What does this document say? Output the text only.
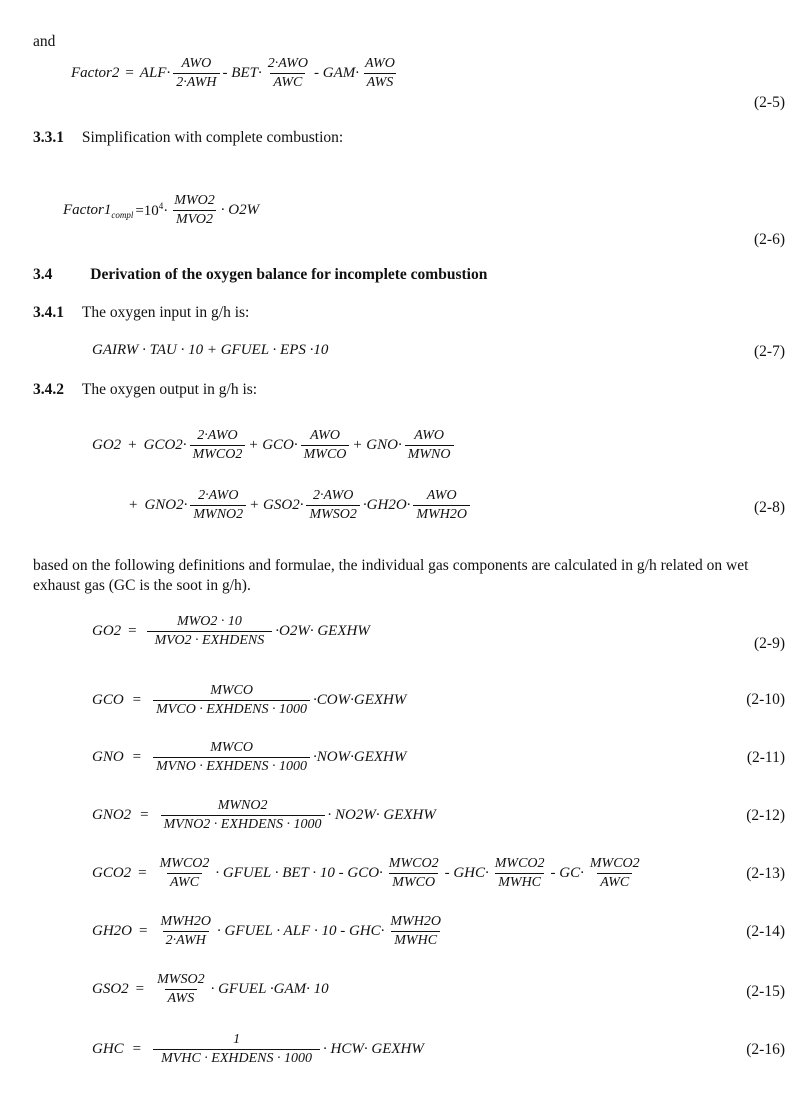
and
Factor2 = $ALF\cdot \frac{\text{AWO}}{\text{2·AWH}} - BET\cdot \frac{\text{2·AWO}}{\text{AWC}} - GAM\cdot \frac{\text{AWO}}{\text{AWS}}$
(2-5)
3.3.1 Simplification with complete combustion:
$Factor1_{compl} =10^4\cdot \frac{\text{MWO2}}{\text{MVO2}} \cdot O2W$
(2-6)
3.4 Derivation of the oxygen balance for incomplete combustion
3.4.1 The oxygen input in g/h is:
GAIRW · TAU · 10 + GFUEL · EPS ·10	(2-7)
3.4.2 The oxygen output in g/h is:
$GO2 + GCO2\cdot \frac{\text{2·AWO}}{\text{MWCO2}} + GCO\cdot \frac{\text{AWO}}{\text{MWCO}} + GNO\cdot \frac{\text{AWO}}{\text{MWNO}}$
+ $GNO2\cdot \frac{\text{2·AWO}}{\text{MWNO2}} + GSO2\cdot \frac{\text{2·AWO}}{\text{MWSO2}} \cdot GH2O\cdot \frac{\text{AWO}}{\text{MWH2O}}$	(2-8)
based on the following definitions and formulae, the individual gas components are calculated in g/h related on wet exhaust gas (GC is the soot in g/h).
$GO2 = \frac{\text{MWO2 · 10}}{\text{MVO2 · EXHDENS}} \cdot O2W\cdot$ GEXHW
(2-9)
GCO = $\frac{\text{MWCO}}{\text{MVCO · EXHDENS · 1000}}$ ·COW·GEXHW	(2-10)
GNO = $\frac{\text{MWCO}}{\text{MVNO · EXHDENS · 1000}}$ ·NOW·GEXHW	(2-11)
$GNO2 = \frac{\text{MWNO2}}{\text{MVNO2 · EXHDENS · 1000}} \cdot NO2W\cdot$ GEXHW	(2-12)
$GCO2 = \frac{\text{MWCO2}}{\text{AWC}}$ · GFUEL · BET · $10 - GCO\cdot \frac{\text{MWCO2}}{\text{MWCO}} - GHC\cdot \frac{\text{MWCO2}}{\text{MWHC}} - GC\cdot \frac{\text{MWCO2}}{\text{AWC}}$	(2-13)
$GH2O = \frac{\text{MWH2O}}{\text{2·AWH}}$ · GFUEL · ALF · $10 - GHC\cdot \frac{\text{MWH2O}}{\text{MWHC}}$	(2-14)
$GSO2 = \frac{\text{MWSO2}}{\text{AWS}}$ · GFUEL ·GAM· 10	(2-15)
GHC = $\frac{1}{\text{MVHC · EXHDENS · 1000}} \cdot HCW\cdot$ GEXHW	(2-16)
